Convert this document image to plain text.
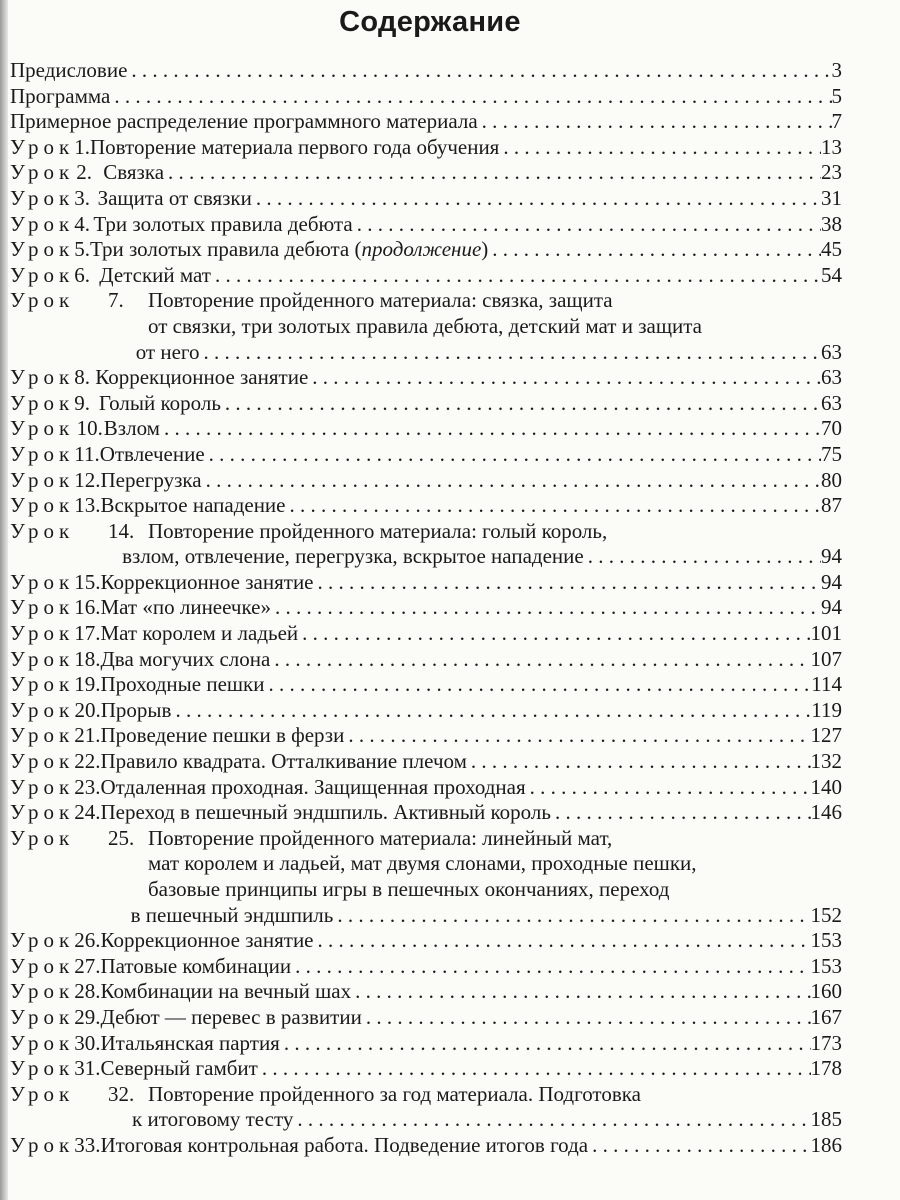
Содержание
Предисловие . . .	3
Программа . . .	5
Примерное распределение программного материала . . .	7
Урок 1. Повторение материала первого года обучения . . .	13
Урок 2. Связка . . .	23
Урок 3. Защита от связки . . .	31
Урок 4. Три золотых правила дебюта . . .	38
Урок 5. Три золотых правила дебюта (продолжение) . . .	45
Урок 6. Детский мат . . .	54
Урок	7.	Повторение пройденного материала: связка, защита
от связки, три золотых правила дебюта, детский мат и защита
от него . . .	63
Урок 8. Коррекционное занятие . . .	63
Урок 9. Голый король . . .	63
Урок 10. Взлом . . .	70
Урок 11. Отвлечение . . .	75
Урок 12. Перегрузка . . .	80
Урок 13. Вскрытое нападение . . .	87
Урок	14. Повторение пройденного материала: голый король,
взлом, отвлечение, перегрузка, вскрытое нападение . . .	94
Урок 15. Коррекционное занятие . . .	94
Урок 16. Мат «по линеечке» . . .	94
Урок 17. Мат королем и ладьей . . .	101
Урок 18. Два могучих слона . . .	107
Урок 19. Проходные пешки . . .	114
Урок 20. Прорыв . . .	119
Урок 21. Проведение пешки в ферзи . . .	127
Урок 22. Правило квадрата. Отталкивание плечом . . .	132
Урок 23. Отдаленная проходная. Защищенная проходная . . .	140
Урок 24. Переход в пешечный эндшпиль. Активный король . . .	146
Урок	25. Повторение пройденного материала: линейный мат,
мат королем и ладьей, мат двумя слонами, проходные пешки,
базовые принципы игры в пешечных окончаниях, переход
в пешечный эндшпиль . . .	152
Урок 26. Коррекционное занятие . . .	153
Урок 27. Патовые комбинации . . .	153
Урок 28. Комбинации на вечный шах . . .	160
Урок 29. Дебют — перевес в развитии . . .	167
Урок 30. Итальянская партия . . .	173
Урок 31. Северный гамбит . . .	178
Урок	32. Повторение пройденного за год материала. Подготовка
к итоговому тесту . . .	185
Урок 33. Итоговая контрольная работа. Подведение итогов года . . .	186
